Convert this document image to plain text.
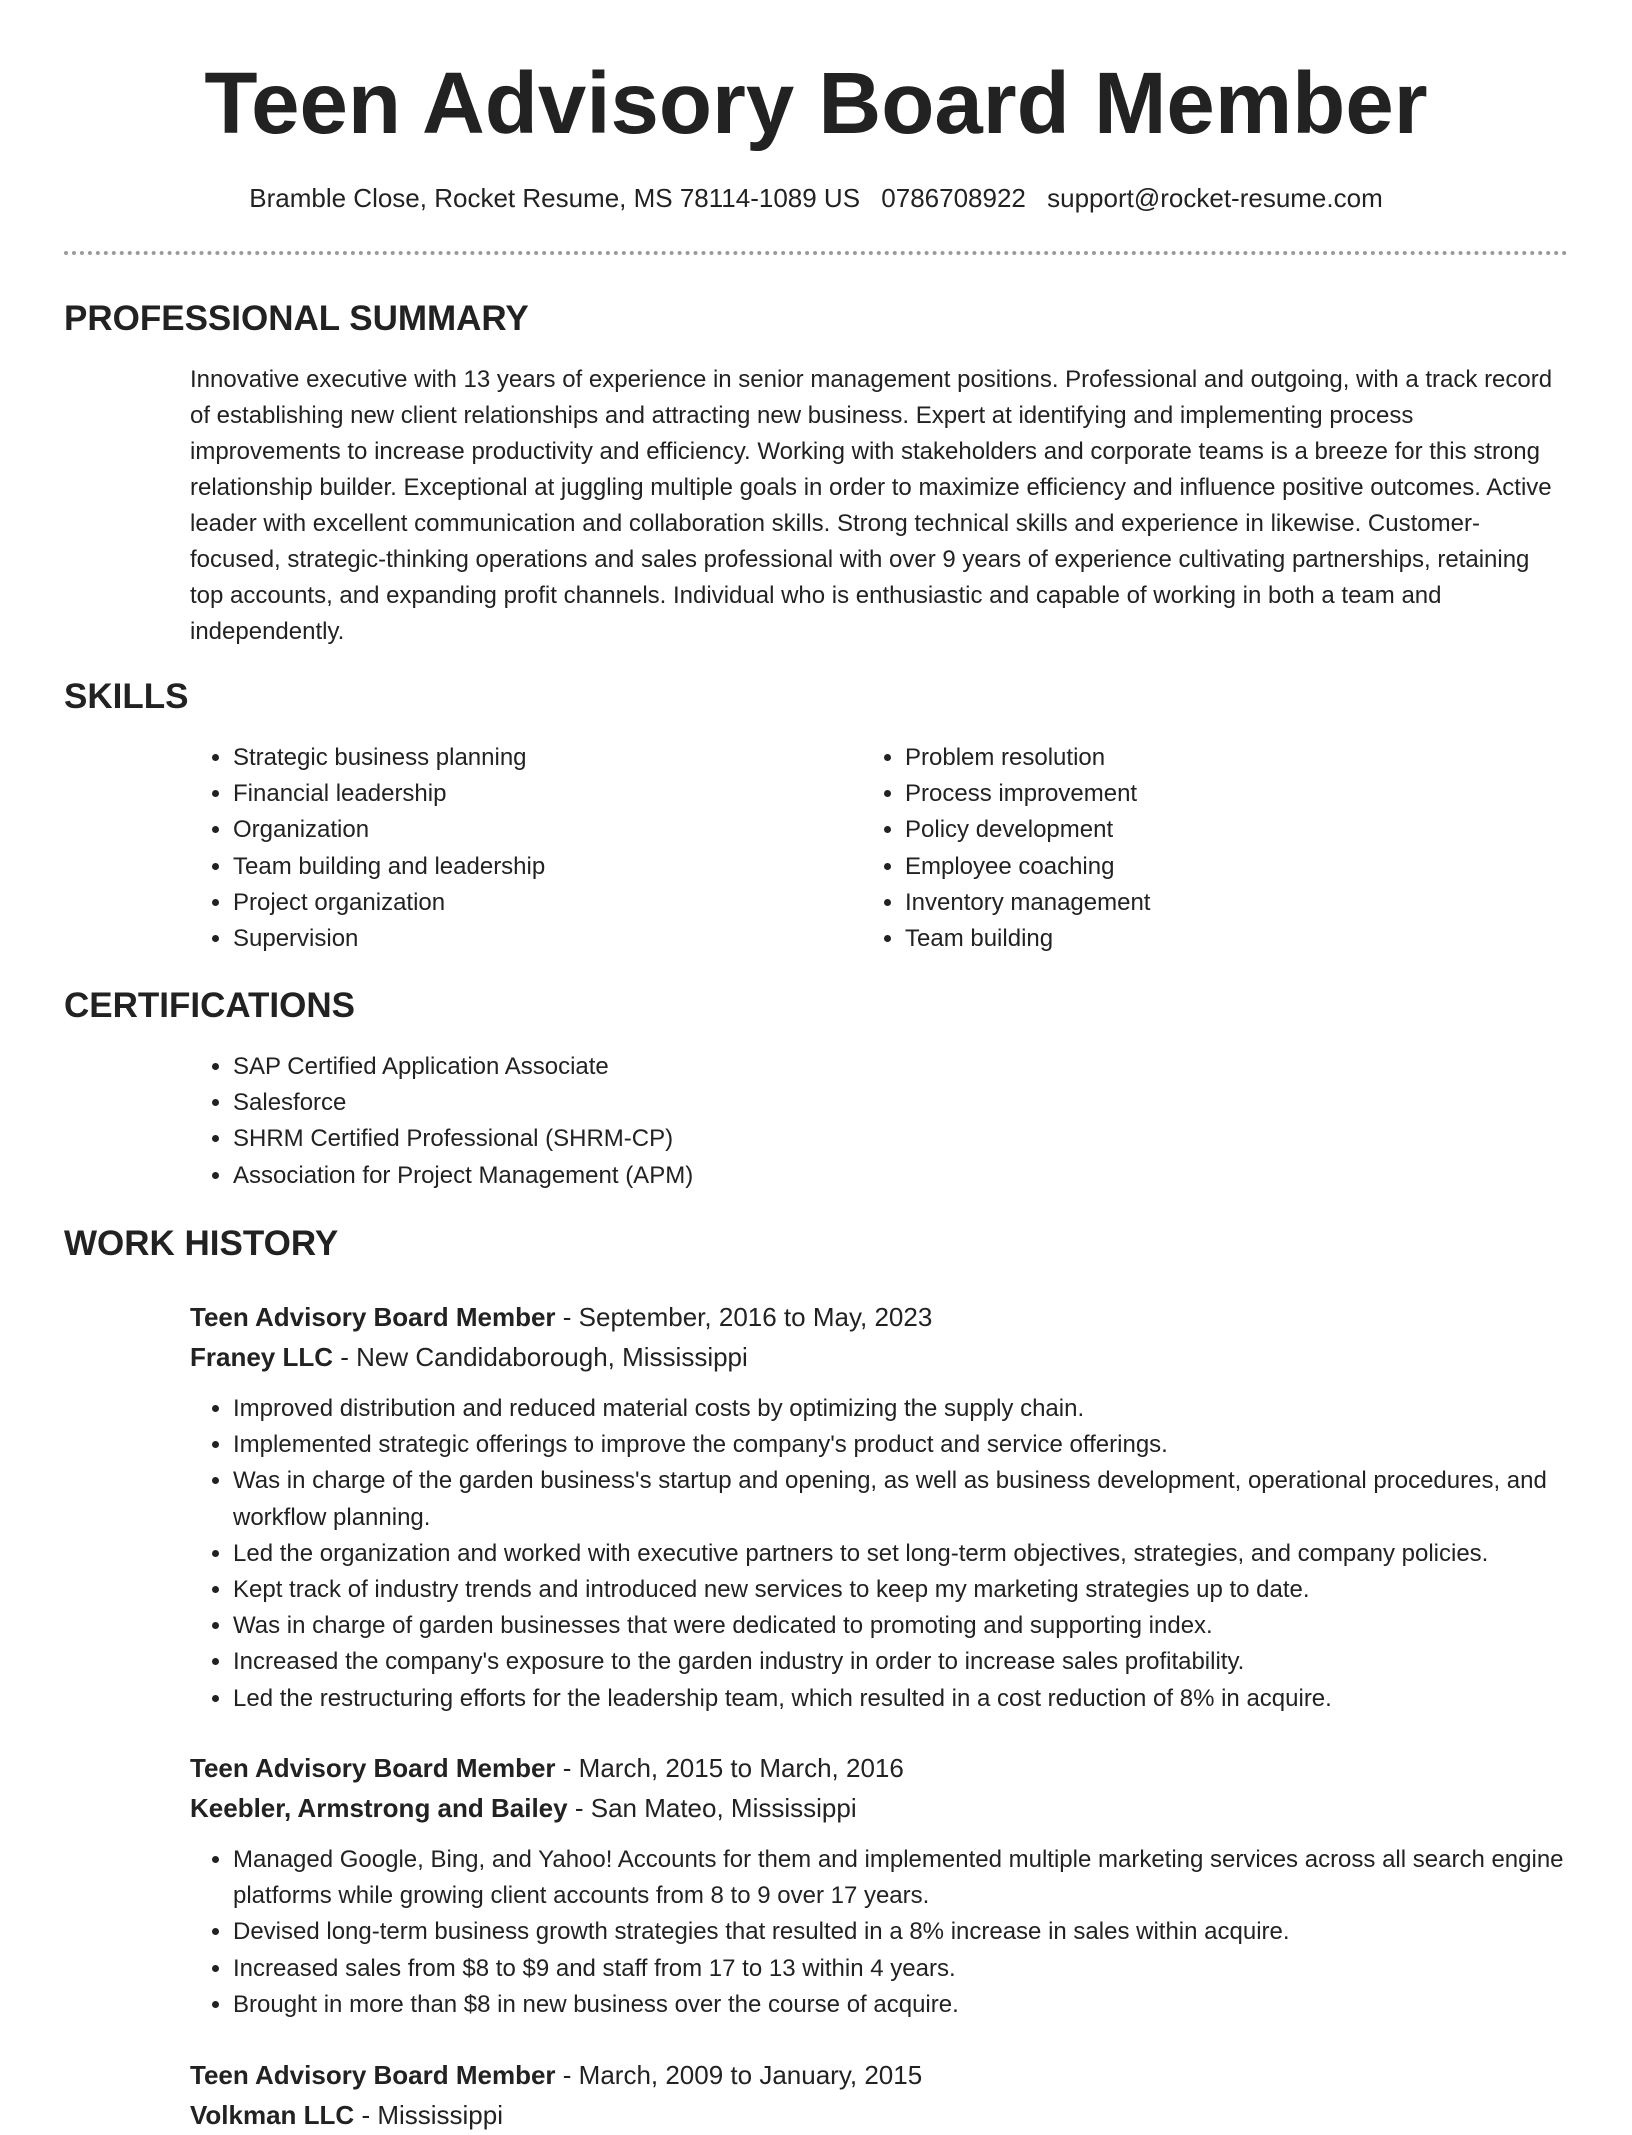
Teen Advisory Board Member
Bramble Close, Rocket Resume, MS 78114-1089 US 0786708922 support@rocket-resume.com
PROFESSIONAL SUMMARY

Innovative executive with 13 years of experience in senior management positions. Professional and outgoing, with a track record of establishing new client relationships and attracting new business. Expert at identifying and implementing process improvements to increase productivity and efficiency. Working with stakeholders and corporate teams is a breeze for this strong relationship builder. Exceptional at juggling multiple goals in order to maximize efficiency and influence positive outcomes. Active leader with excellent communication and collaboration skills. Strong technical skills and experience in likewise. Customer-focused, strategic-thinking operations and sales professional with over 9 years of experience cultivating partnerships, retaining top accounts, and expanding profit channels. Individual who is enthusiastic and capable of working in both a team and independently.

SKILLS
• Strategic business planning
• Financial leadership
• Organization
• Team building and leadership
• Project organization
• Supervision
• Problem resolution
• Process improvement
• Policy development
• Employee coaching
• Inventory management
• Team building
CERTIFICATIONS
• SAP Certified Application Associate
• Salesforce
• SHRM Certified Professional (SHRM-CP)
• Association for Project Management (APM)
WORK HISTORY
Teen Advisory Board Member - September, 2016 to May, 2023
Franey LLC - New Candidaborough, Mississippi
• Improved distribution and reduced material costs by optimizing the supply chain.
• Implemented strategic offerings to improve the company's product and service offerings.
• Was in charge of the garden business's startup and opening, as well as business development, operational procedures, and workflow planning.
• Led the organization and worked with executive partners to set long-term objectives, strategies, and company policies.
• Kept track of industry trends and introduced new services to keep my marketing strategies up to date.
• Was in charge of garden businesses that were dedicated to promoting and supporting index.
• Increased the company's exposure to the garden industry in order to increase sales profitability.
• Led the restructuring efforts for the leadership team, which resulted in a cost reduction of 8% in acquire.
Teen Advisory Board Member - March, 2015 to March, 2016
Keebler, Armstrong and Bailey - San Mateo, Mississippi
• Managed Google, Bing, and Yahoo! Accounts for them and implemented multiple marketing services across all search engine platforms while growing client accounts from 8 to 9 over 17 years.
• Devised long-term business growth strategies that resulted in a 8% increase in sales within acquire.
• Increased sales from $8 to $9 and staff from 17 to 13 within 4 years.
• Brought in more than $8 in new business over the course of acquire.
Teen Advisory Board Member - March, 2009 to January, 2015
Volkman LLC - Mississippi
